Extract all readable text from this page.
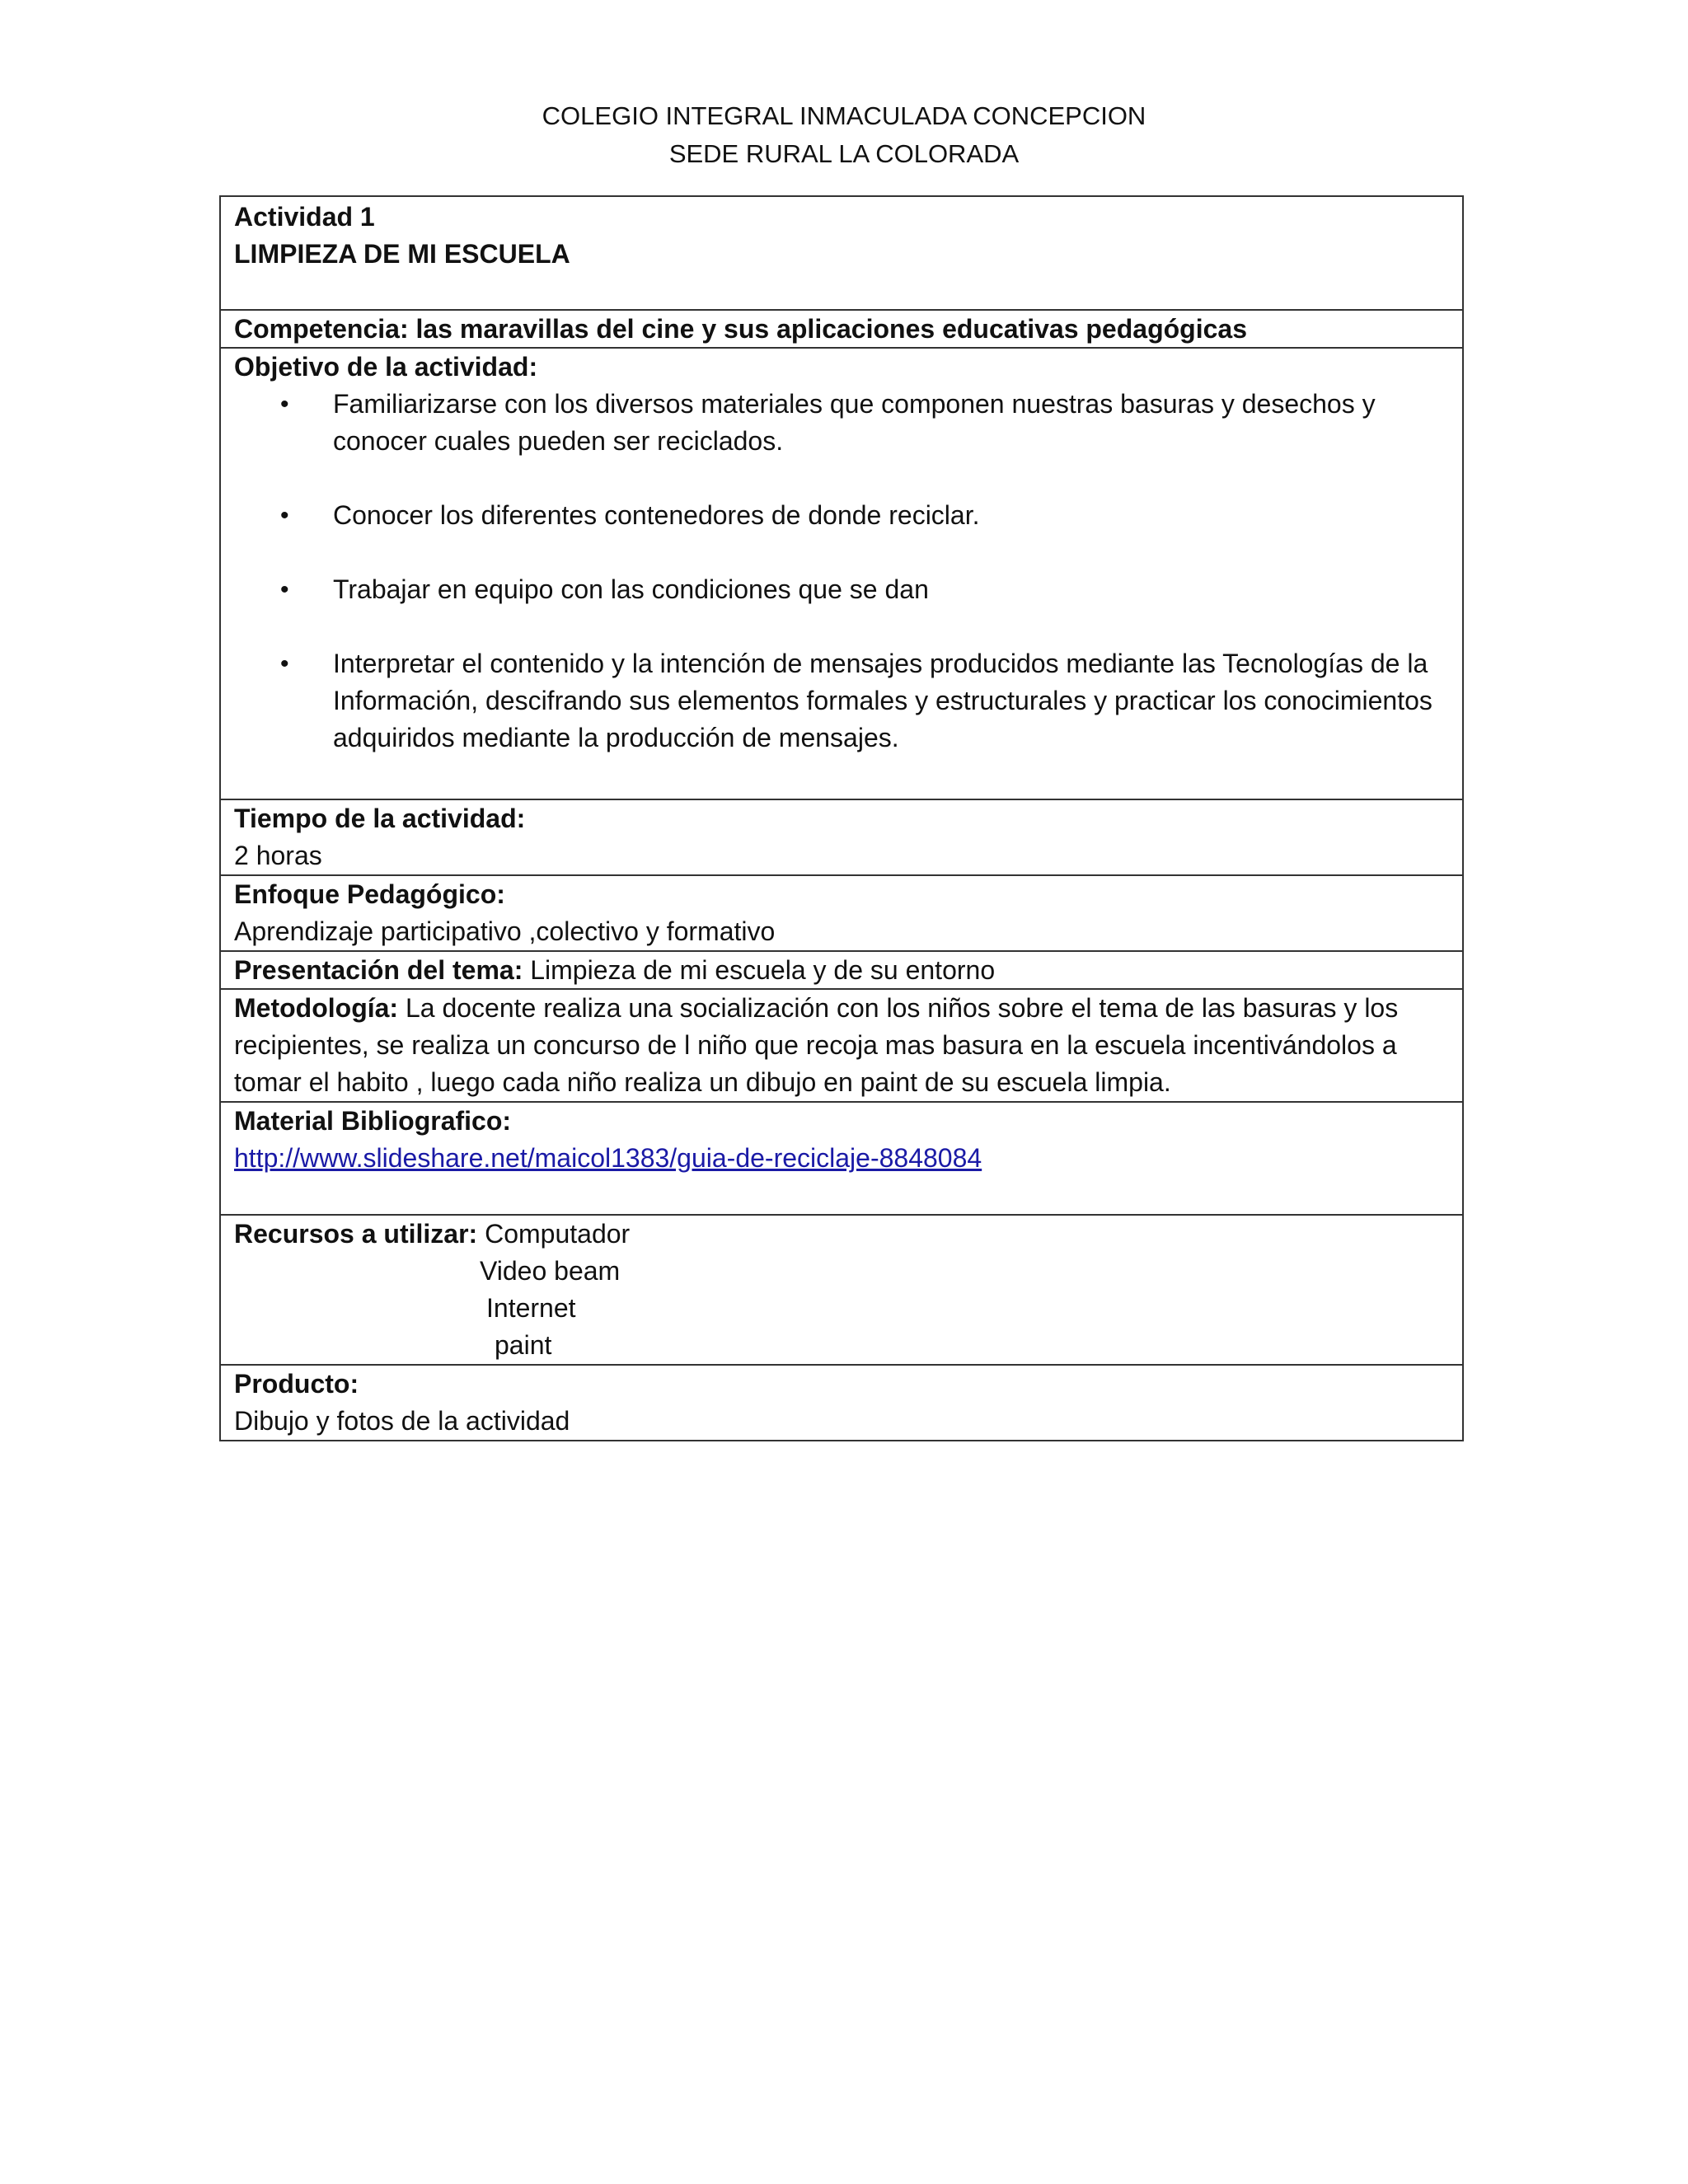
COLEGIO INTEGRAL INMACULADA CONCEPCION
SEDE RURAL LA COLORADA
Actividad 1
LIMPIEZA DE MI ESCUELA
Competencia: las maravillas del cine y sus aplicaciones educativas pedagógicas
Objetivo de la actividad:
• Familiarizarse con los diversos materiales que componen nuestras basuras y desechos y conocer cuales pueden ser reciclados.
• Conocer los diferentes contenedores de donde reciclar.
• Trabajar en equipo con las condiciones que se dan
• Interpretar el contenido y la intención de mensajes producidos mediante las Tecnologías de la Información, descifrando sus elementos formales y estructurales y practicar los conocimientos adquiridos mediante la producción de mensajes.
Tiempo de la actividad:
2 horas
Enfoque Pedagógico:
Aprendizaje participativo ,colectivo y formativo
Presentación del tema: Limpieza de mi escuela y de su entorno
Metodología: La docente realiza una socialización con los niños sobre el tema de las basuras y los recipientes, se realiza un concurso de l niño que recoja mas basura en la escuela incentivándolos a tomar el habito , luego cada niño realiza un dibujo en paint de su escuela limpia.
Material Bibliografico:
http://www.slideshare.net/maicol1383/guia-de-reciclaje-8848084
Recursos a utilizar: Computador
Video beam
Internet
paint
Producto:
Dibujo y fotos de la actividad
